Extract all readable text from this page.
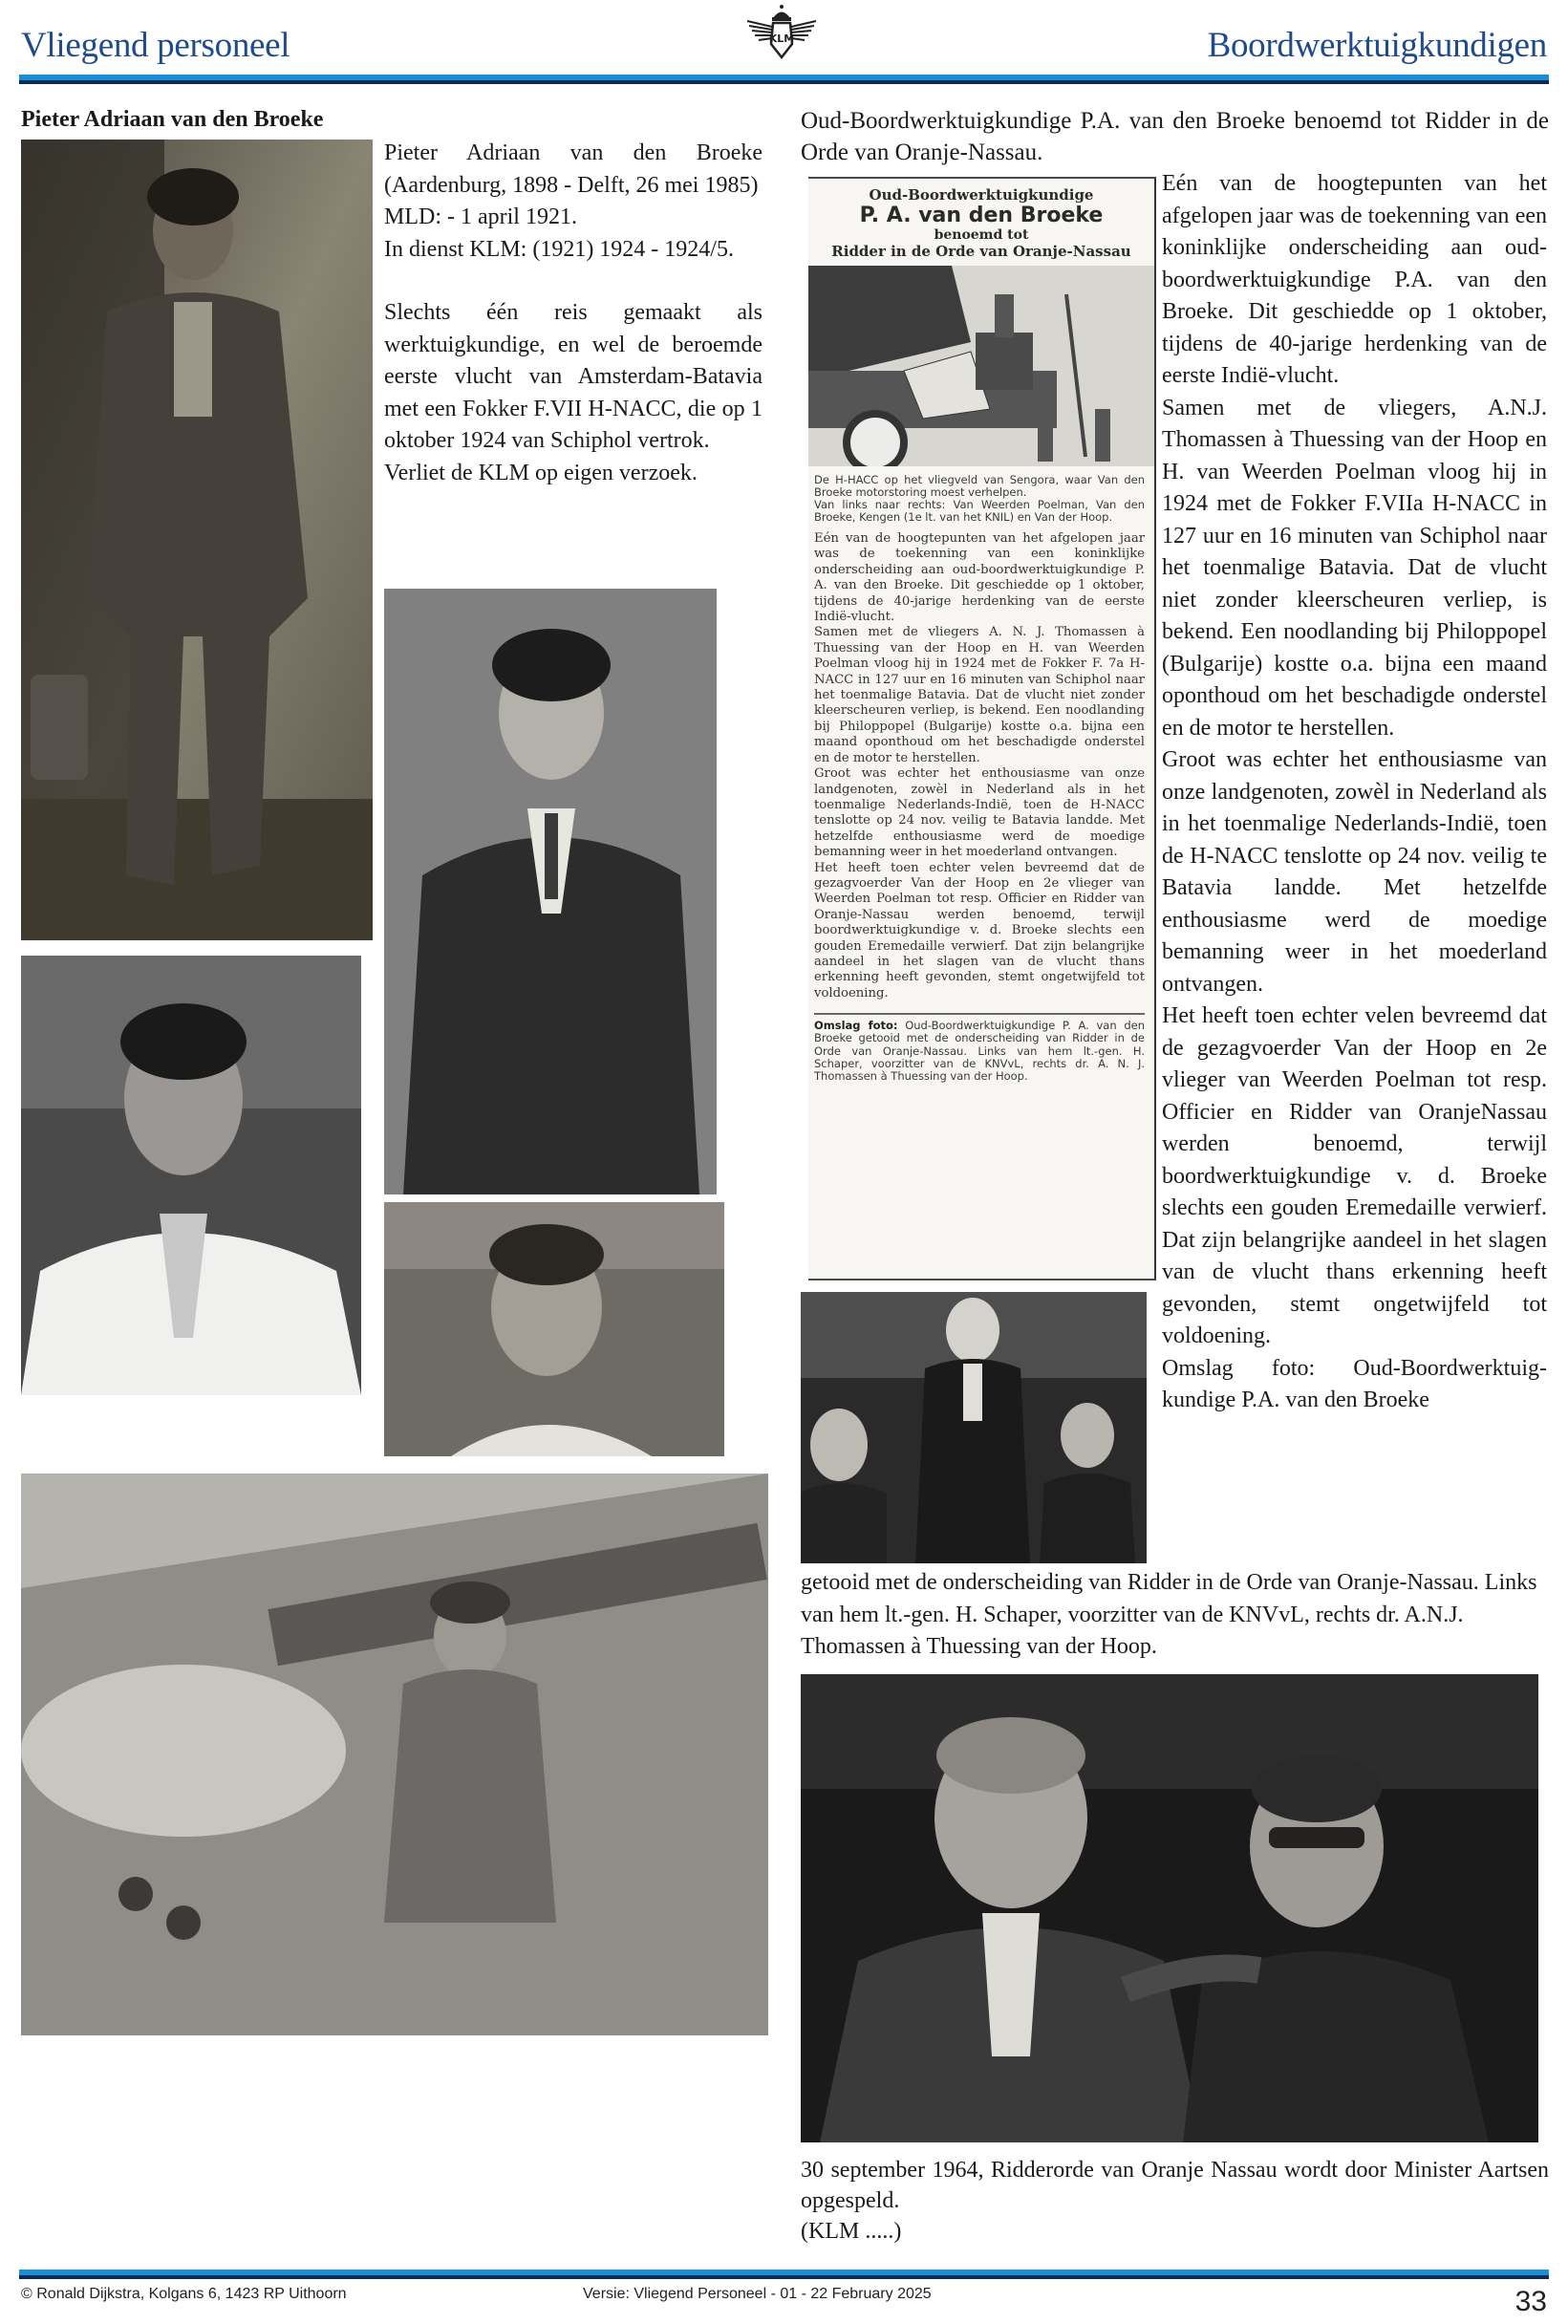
Vliegend personeel	KLM	Boordwerktuigkundigen
Pieter Adriaan van den Broeke

Pieter Adriaan van den Broeke (Aardenburg, 1898 - Delft, 26 mei 1985)

MLD: - 1 april 1921.

In dienst KLM: (1921) 1924 - 1924/5.

Slechts één reis gemaakt als werktuigkundige, en wel de beroemde eerste vlucht van Amsterdam-Batavia met een Fokker F.VII H-NACC, die op 1 oktober 1924 van Schiphol vertrok.

Verliet de KLM op eigen verzoek.

Oud-Boordwerktuigkundige P.A. van den Broeke benoemd tot Ridder in de Orde van Oranje-Nassau.
Oud-Boordwerktuigkundige
P. A. van den Broeke
benoemd tot
Ridder in de Orde van Oranje-Nassau

De H-HACC op het vliegveld van Sengora, waar Van den Broeke motorstoring moest verhelpen.

Van links naar rechts: Van Weerden Poelman, Van den Broeke, Kengen (1e lt. van het KNIL) en Van der Hoop.

Eén van de hoogtepunten van het afgelopen jaar was de toekenning van een koninklijke onderscheiding aan oud-boordwerktuigkundige P. A. van den Broeke. Dit geschiedde op 1 oktober, tijdens de 40-jarige herdenking van de eerste Indië-vlucht.

Samen met de vliegers A. N. J. Thomassen à Thuessing van der Hoop en H. van Weerden Poelman vloog hij in 1924 met de Fokker F. 7a H-NACC in 127 uur en 16 minuten van Schiphol naar het toenmalige Batavia. Dat de vlucht niet zonder kleerscheuren verliep, is bekend. Een noodlanding bij Philoppopel (Bulgarije) kostte o.a. bijna een maand oponthoud om het beschadigde onderstel en de motor te herstellen.

Groot was echter het enthousiasme van onze landgenoten, zowèl in Nederland als in het toenmalige Nederlands-Indië, toen de H-NACC tenslotte op 24 nov. veilig te Batavia landde. Met hetzelfde enthousiasme werd de moedige bemanning weer in het moederland ontvangen.

Het heeft toen echter velen bevreemd dat de gezagvoerder Van der Hoop en 2e vlieger van Weerden Poelman tot resp. Officier en Ridder van Oranje-Nassau werden benoemd, terwijl boordwerktuigkundige v. d. Broeke slechts een gouden Eremedaille verwierf. Dat zijn belangrijke aandeel in het slagen van de vlucht thans erkenning heeft gevonden, stemt ongetwijfeld tot voldoening.

Omslag foto: Oud-Boordwerktuigkundige P. A. van den Broeke getooid met de onderscheiding van Ridder in de Orde van Oranje-Nassau. Links van hem lt.-gen. H. Schaper, voorzitter van de KNVvL, rechts dr. A. N. J. Thomassen à Thuessing van der Hoop.

Eén van de hoogtepunten van het afgelopen jaar was de toekenning van een koninklijke onderscheiding aan oud-boordwerktuigkundige P.A. van den Broeke. Dit geschiedde op 1 oktober, tijdens de 40-jarige herdenking van de eerste Indië-vlucht.

Samen met de vliegers, A.N.J. Thomassen à Thuessing van der Hoop en H. van Weerden Poelman vloog hij in 1924 met de Fokker F.VIIa H-NACC in 127 uur en 16 minuten van Schiphol naar het toenmalige Batavia. Dat de vlucht niet zonder kleerscheuren verliep, is bekend. Een noodlanding bij Philoppopel (Bulgarije) kostte o.a. bijna een maand oponthoud om het beschadigde onderstel en de motor te herstellen.

Groot was echter het enthousiasme van onze landgenoten, zowèl in Nederland als in het toenmalige Nederlands-Indië, toen de H-NACC tenslotte op 24 nov. veilig te Batavia landde. Met hetzelfde enthousiasme werd de moedige bemanning weer in het moederland ontvangen.

Het heeft toen echter velen bevreemd dat de gezagvoerder Van der Hoop en 2e vlieger van Weerden Poelman tot resp. Officier en Ridder van OranjeNassau werden benoemd, terwijl boordwerktuigkundige v. d. Broeke slechts een gouden Eremedaille verwierf. Dat zijn belangrijke aandeel in het slagen van de vlucht thans erkenning heeft gevonden, stemt ongetwijfeld tot voldoening.

Omslag foto: Oud-Boordwerktuig-kundige P.A. van den Broeke

getooid met de onderscheiding van Ridder in de Orde van Oranje-Nassau. Links van hem lt.-gen. H. Schaper, voorzitter van de KNVvL, rechts dr. A.N.J. Thomassen à Thuessing van der Hoop.

30 september 1964, Ridderorde van Oranje Nassau wordt door Minister Aartsen opgespeld.

(KLM .....)

© Ronald Dijkstra, Kolgans 6, 1423 RP Uithoorn	Versie: Vliegend Personeel - 01 - 22 February 2025	33
